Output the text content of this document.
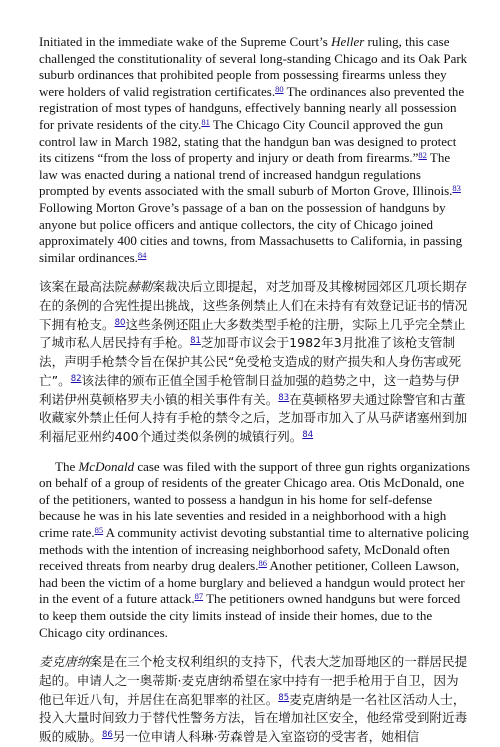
Initiated in the immediate wake of the Supreme Court’s Heller ruling, this case challenged the constitutionality of several long-standing Chicago and its Oak Park suburb ordinances that prohibited people from possessing firearms unless they were holders of valid registration certificates.$^{80}$ The ordinances also prevented the registration of most types of handguns, effectively banning nearly all possession for private residents of the city.$^{81}$ The Chicago City Council approved the gun control law in March 1982, stating that the handgun ban was designed to protect its citizens “from the loss of property and injury or death from firearms.”$^{82}$ The law was enacted during a national trend of increased handgun regulations prompted by events associated with the small suburb of Morton Grove, Illinois.$^{83}$ Following Morton Grove’s passage of a ban on the possession of handguns by anyone but police officers and antique collectors, the city of Chicago joined approximately 400 cities and towns, from Massachusetts to California, in passing similar ordinances.$^{84}$

该案在最高法院赫勒案裁决后立即提起，对芝加哥及其橡树园郊区几项长期存在的条例的合宪性提出挑战，这些条例禁止人们在未持有有效登记证书的情况下拥有枪支。$^{80}$这些条例还阻止大多数类型手枪的注册，实际上几乎完全禁止了城市私人居民持有手枪。$^{81}$芝加哥市议会于1982年3月批准了该枪支管制法，声明手枪禁令旨在保护其公民“免受枪支造成的财产损失和人身伤害或死亡”。$^{82}$该法律的颁布正值全国手枪管制日益加强的趋势之中，这一趋势与伊利诺伊州莫顿格罗夫小镇的相关事件有关。$^{83}$在莫顿格罗夫通过除警官和古董收藏家外禁止任何人持有手枪的禁令之后，芝加哥市加入了从马萨诸塞州到加利福尼亚州约400个通过类似条例的城镇行列。$^{84}$

The McDonald case was filed with the support of three gun rights organizations on behalf of a group of residents of the greater Chicago area. Otis McDonald, one of the petitioners, wanted to possess a handgun in his home for self-defense because he was in his late seventies and resided in a neighborhood with a high crime rate.$^{85}$ A community activist devoting substantial time to alternative policing methods with the intention of increasing neighborhood safety, McDonald often received threats from nearby drug dealers.$^{86}$ Another petitioner, Colleen Lawson, had been the victim of a home burglary and believed a handgun would protect her in the event of a future attack.$^{87}$ The petitioners owned handguns but were forced to keep them outside the city limits instead of inside their homes, due to the Chicago city ordinances.

麦克唐纳案是在三个枪支权利组织的支持下，代表大芝加哥地区的一群居民提起的。申请人之一奥蒂斯·麦克唐纳希望在家中持有一把手枪用于自卫，因为他已年近八旬，并居住在高犯罪率的社区。$^{85}$麦克唐纳是一名社区活动人士，投入大量时间致力于替代性警务方法，旨在增加社区安全，他经常受到附近毒贩的威胁。$^{86}$另一位申请人科琳·劳森曾是入室盗窃的受害者，她相信
